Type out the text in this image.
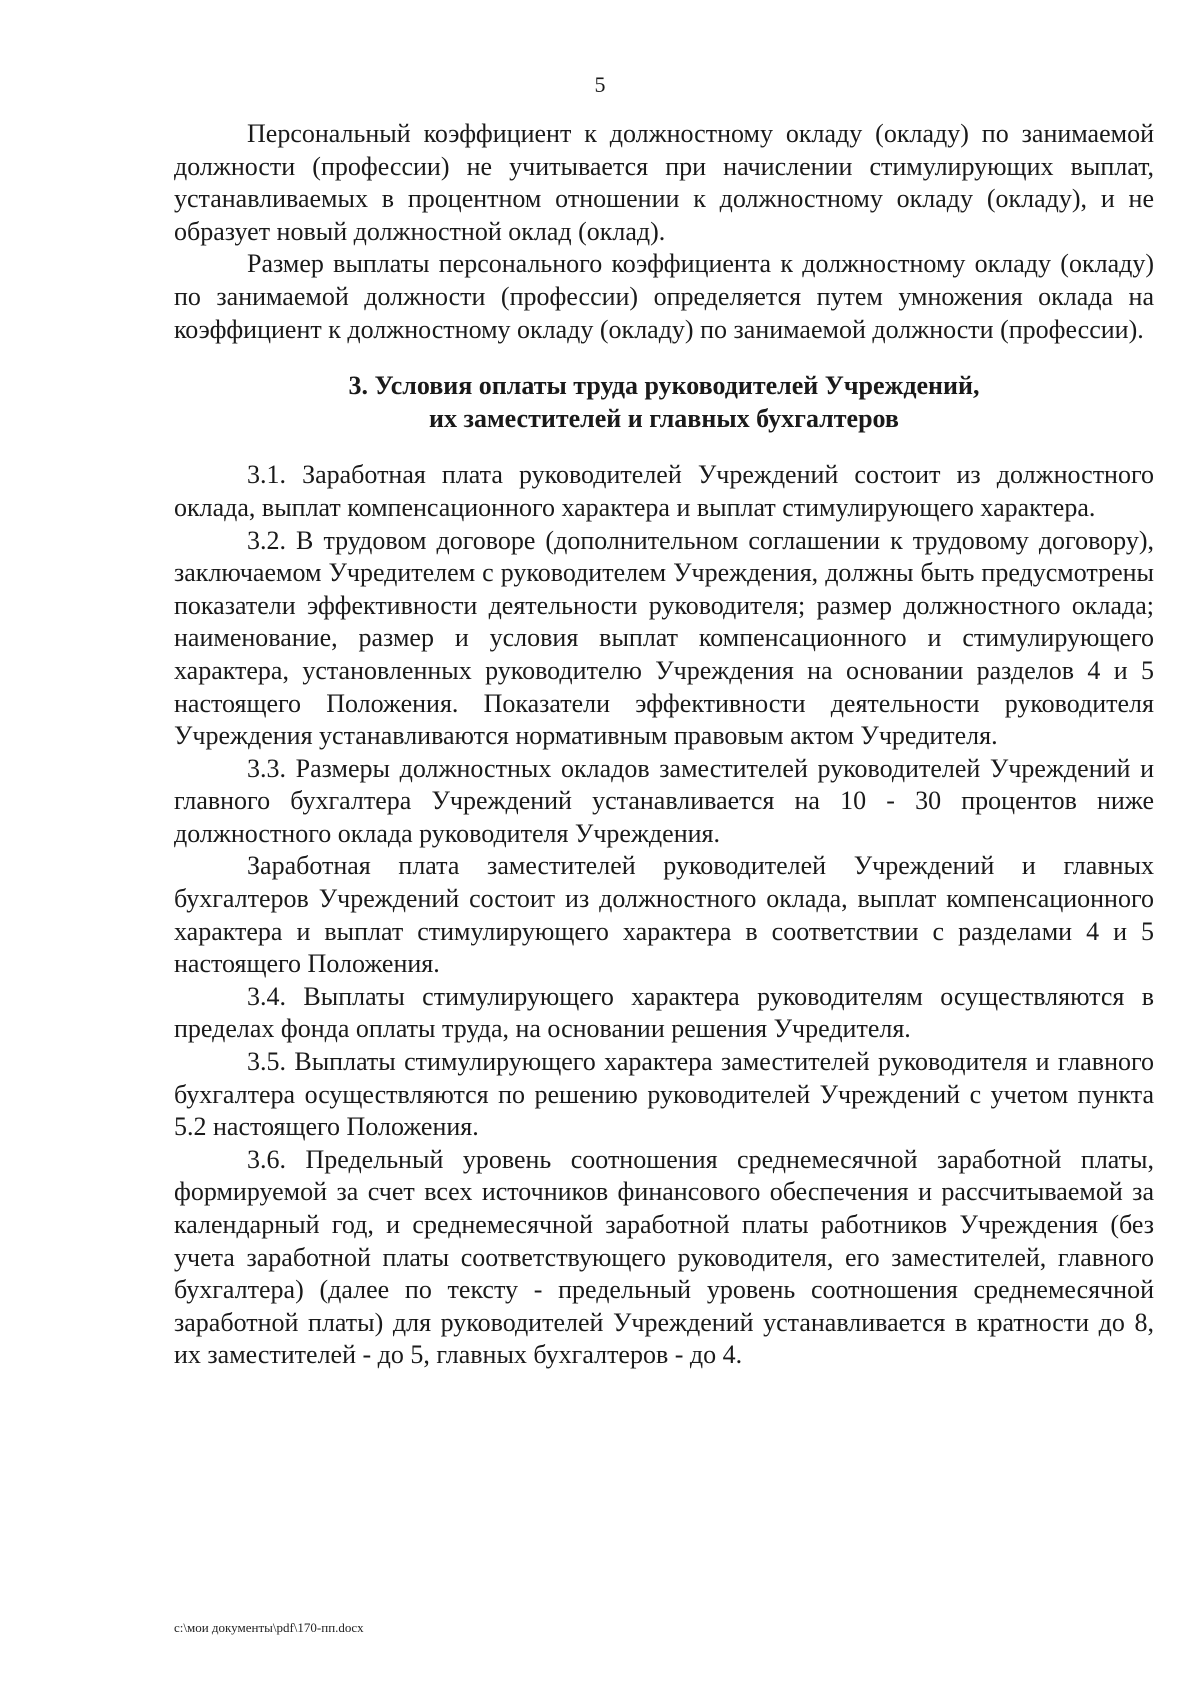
5

Персональный коэффициент к должностному окладу (окладу) по занимаемой должности (профессии) не учитывается при начислении стимулирующих выплат, устанавливаемых в процентном отношении к должностному окладу (окладу), и не образует новый должностной оклад (оклад).

Размер выплаты персонального коэффициента к должностному окладу (окладу) по занимаемой должности (профессии) определяется путем умножения оклада на коэффициент к должностному окладу (окладу) по занимаемой должности (профессии).

3. Условия оплаты труда руководителей Учреждений,
их заместителей и главных бухгалтеров

3.1. Заработная плата руководителей Учреждений состоит из должностного оклада, выплат компенсационного характера и выплат стимулирующего характера.

3.2. В трудовом договоре (дополнительном соглашении к трудовому договору), заключаемом Учредителем с руководителем Учреждения, должны быть предусмотрены показатели эффективности деятельности руководителя; размер должностного оклада; наименование, размер и условия выплат компенсационного и стимулирующего характера, установленных руководителю Учреждения на основании разделов 4 и 5 настоящего Положения. Показатели эффективности деятельности руководителя Учреждения устанавливаются нормативным правовым актом Учредителя.

3.3. Размеры должностных окладов заместителей руководителей Учреждений и главного бухгалтера Учреждений устанавливается на 10 - 30 процентов ниже должностного оклада руководителя Учреждения.

Заработная плата заместителей руководителей Учреждений и главных бухгалтеров Учреждений состоит из должностного оклада, выплат компенсационного характера и выплат стимулирующего характера в соответствии с разделами 4 и 5 настоящего Положения.

3.4. Выплаты стимулирующего характера руководителям осуществляются в пределах фонда оплаты труда, на основании решения Учредителя.

3.5. Выплаты стимулирующего характера заместителей руководителя и главного бухгалтера осуществляются по решению руководителей Учреждений с учетом пункта 5.2 настоящего Положения.

3.6. Предельный уровень соотношения среднемесячной заработной платы, формируемой за счет всех источников финансового обеспечения и рассчитываемой за календарный год, и среднемесячной заработной платы работников Учреждения (без учета заработной платы соответствующего руководителя, его заместителей, главного бухгалтера) (далее по тексту - предельный уровень соотношения среднемесячной заработной платы) для руководителей Учреждений устанавливается в кратности до 8, их заместителей - до 5, главных бухгалтеров - до 4.

c:\мои документы\pdf\170-пп.docx
